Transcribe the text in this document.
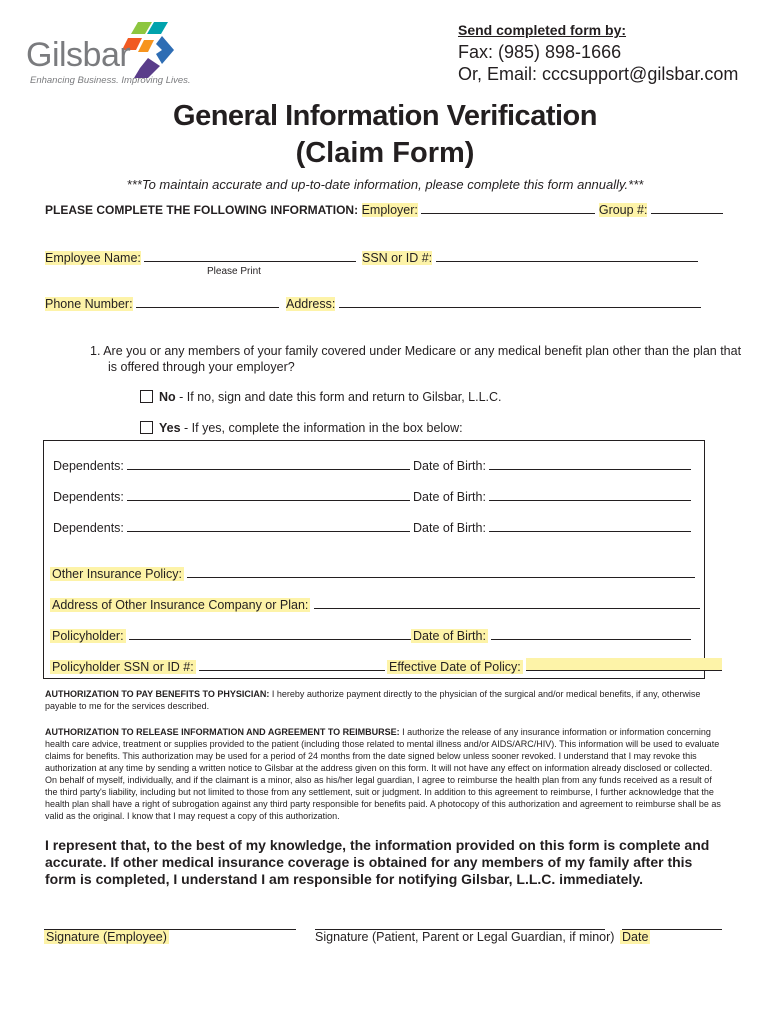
Gilsbar
Enhancing Business. Improving Lives.
Send completed form by:
Fax: (985) 898-1666
Or, Email: cccsupport@gilsbar.com
General Information Verification
(Claim Form)
***To maintain accurate and up-to-date information, please complete this form annually.***
PLEASE COMPLETE THE FOLLOWING INFORMATION: Employer:	Group #:
Employee Name:	SSN or ID #:
Please Print
Phone Number:	Address:
1. Are you or any members of your family covered under Medicare or any medical benefit plan other than the plan that
is offered through your employer?
No - If no, sign and date this form and return to Gilsbar, L.L.C.
Yes - If yes, complete the information in the box below:
Dependents:	Date of Birth:
Dependents:	Date of Birth:
Dependents:	Date of Birth:
Other Insurance Policy:
Address of Other Insurance Company or Plan:
Policyholder:	Date of Birth:
Policyholder SSN or ID #:	Effective Date of Policy:
AUTHORIZATION TO PAY BENEFITS TO PHYSICIAN: I hereby authorize payment directly to the physician of the surgical and/or medical benefits, if any, otherwise payable to me for the services described.
AUTHORIZATION TO RELEASE INFORMATION AND AGREEMENT TO REIMBURSE: I authorize the release of any insurance information or information concerning health care advice, treatment or supplies provided to the patient (including those related to mental illness and/or AIDS/ARC/HIV). This information will be used to evaluate claims for benefits. This authorization may be used for a period of 24 months from the date signed below unless sooner revoked. I understand that I may revoke this authorization at any time by sending a written notice to Gilsbar at the address given on this form. It will not have any effect on information already disclosed or collected. On behalf of myself, individually, and if the claimant is a minor, also as his/her legal guardian, I agree to reimburse the health plan from any funds received as a result of the third party's liability, including but not limited to those from any settlement, suit or judgment. In addition to this agreement to reimburse, I further acknowledge that the health plan shall have a right of subrogation against any third party responsible for benefits paid. A photocopy of this authorization and agreement to reimburse shall be as valid as the original. I know that I may request a copy of this authorization.
I represent that, to the best of my knowledge, the information provided on this form is complete and accurate. If other medical insurance coverage is obtained for any members of my family after this form is completed, I understand I am responsible for notifying Gilsbar, L.L.C. immediately.
Signature (Employee)	Signature (Patient, Parent or Legal Guardian, if minor) Date
